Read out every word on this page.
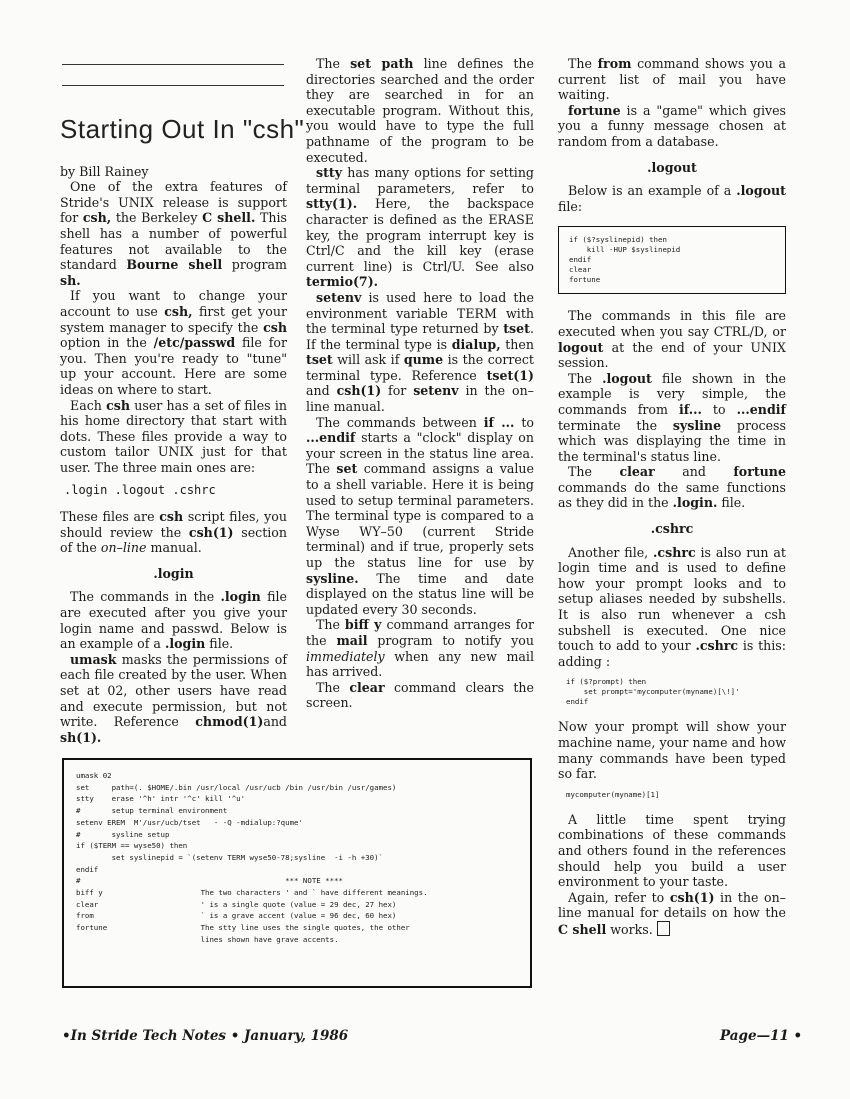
Starting Out In "csh"
by Bill Rainey

One of the extra features of Stride's UNIX release is support for csh, the Berkeley C shell. This shell has a number of powerful features not available to the standard Bourne shell program sh.

If you want to change your account to use csh, first get your system manager to specify the csh option in the /etc/passwd file for you. Then you're ready to "tune" up your account. Here are some ideas on where to start.

Each csh user has a set of files in his home directory that start with dots. These files provide a way to custom tailor UNIX just for that user. The three main ones are:

.login .logout .cshrc

These files are csh script files, you should review the csh(1) section of the on–line manual.

.login

The commands in the .login file are executed after you give your login name and passwd. Below is an example of a .login file.

umask masks the permissions of each file created by the user. When set at 02, other users have read and execute permission, but not write. Reference chmod(1)and sh(1).

The set path line defines the directories searched and the order they are searched in for an executable program. Without this, you would have to type the full pathname of the program to be executed.

stty has many options for setting terminal parameters, refer to stty(1). Here, the backspace character is defined as the ERASE key, the program interrupt key is Ctrl/C and the kill key (erase current line) is Ctrl/U. See also termio(7).

setenv is used here to load the environment variable TERM with the terminal type returned by tset. If the terminal type is dialup, then tset will ask if qume is the correct terminal type. Reference tset(1) and csh(1) for setenv in the on–line manual.

The commands between if ... to ...endif starts a "clock" display on your screen in the status line area. The set command assigns a value to a shell variable. Here it is being used to setup terminal parameters. The terminal type is compared to a Wyse WY–50 (current Stride terminal) and if true, properly sets up the status line for use by sysline. The time and date displayed on the status line will be updated every 30 seconds.

The biff y command arranges for the mail program to notify you immediately when any new mail has arrived.

The clear command clears the screen.

The from command shows you a current list of mail you have waiting.

fortune is a "game" which gives you a funny message chosen at random from a database.

.logout

Below is an example of a .logout file:

if ($?syslinepid) then
kill -HUP $syslinepid
endif
clear
fortune

The commands in this file are executed when you say CTRL/D, or logout at the end of your UNIX session.

The .logout file shown in the example is very simple, the commands from if... to ...endif terminate the sysline process which was displaying the time in the terminal's status line.

The clear and fortune commands do the same functions as they did in the .login. file.

.cshrc

Another file, .cshrc is also run at login time and is used to define how your prompt looks and to setup aliases needed by subshells. It is also run whenever a csh subshell is executed. One nice touch to add to your .cshrc is this: adding :

if ($?prompt) then
set prompt='mycomputer(myname)[\!]'
endif

Now your prompt will show your machine name, your name and how many commands have been typed so far.

mycomputer(myname)[1]

A little time spent trying combinations of these commands and others found in the references should help you build a user environment to your taste.

Again, refer to csh(1) in the on–line manual for details on how the C shell works.

umask 02
set     path=(. $HOME/.bin /usr/local /usr/ucb /bin /usr/bin /usr/games)
stty    erase '^h' intr '^c' kill '^u'
#       setup terminal environment
setenv EREM  M'/usr/ucb/tset   - -Q -mdialup:?qume'
#       sysline setup
if ($TERM == wyse50) then
set syslinepid = `(setenv TERM wyse50-78;sysline  -i -h +30)`
endif
#                                              *** NOTE ****
biff y                      The two characters ' and ` have different meanings.
clear                       ' is a single quote (value = 29 dec, 27 hex)
from                        ` is a grave accent (value = 96 dec, 60 hex)
fortune                     The stty line uses the single quotes, the other
lines shown have grave accents.
•In Stride Tech Notes • January, 1986	Page—11 •
